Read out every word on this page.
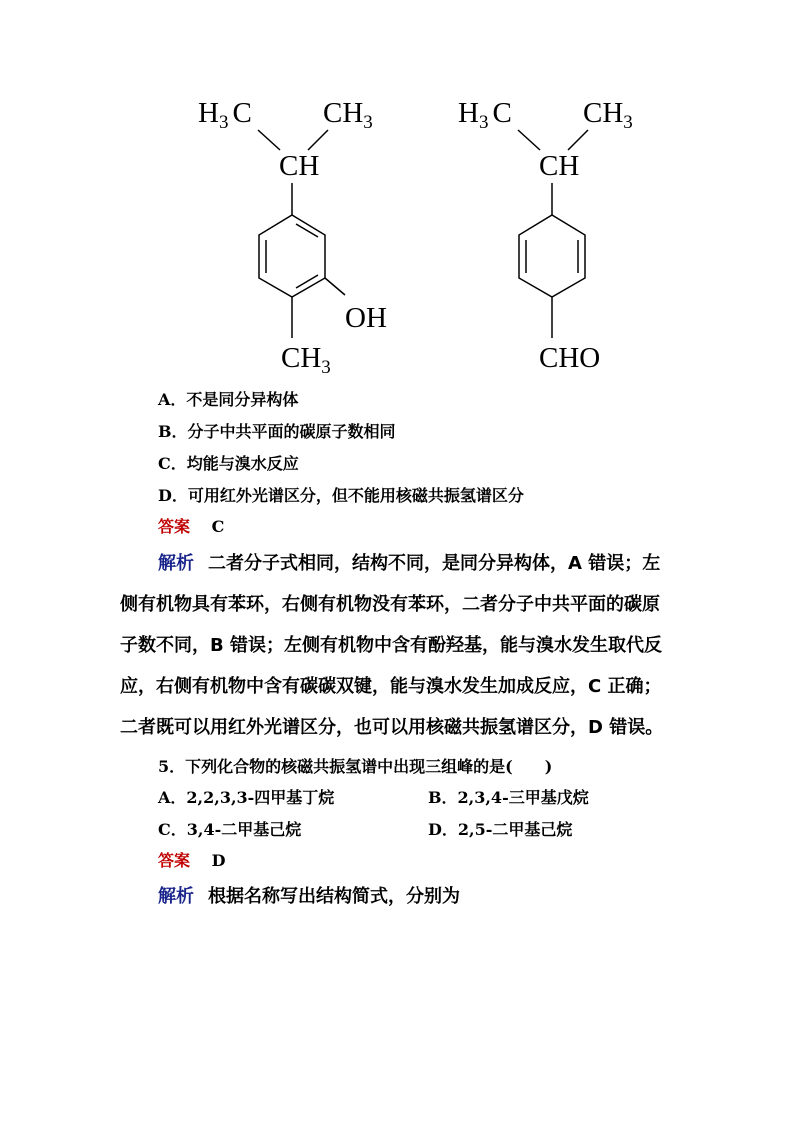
$H_3$ C $CH_3$
CH
OH
$CH_3$
$H_3$ C $CH_3$
CH
CHO
A．不是同分异构体
B．分子中共平面的碳原子数相同
C．均能与溴水反应
D．可用红外光谱区分，但不能用核磁共振氢谱区分
答案 C

解析 二者分子式相同，结构不同，是同分异构体，A 错误；左

侧有机物具有苯环，右侧有机物没有苯环，二者分子中共平面的碳原

子数不同，B 错误；左侧有机物中含有酚羟基，能与溴水发生取代反

应，右侧有机物中含有碳碳双键，能与溴水发生加成反应，C 正确；

二者既可以用红外光谱区分，也可以用核磁共振氢谱区分，D 错误。

5．下列化合物的核磁共振氢谱中出现三组峰的是(　　)
A．2,2,3,3-四甲基丁烷	B．2,3,4-三甲基戊烷
C．3,4-二甲基己烷	D．2,5-二甲基己烷
答案 D

解析 根据名称写出结构简式，分别为
